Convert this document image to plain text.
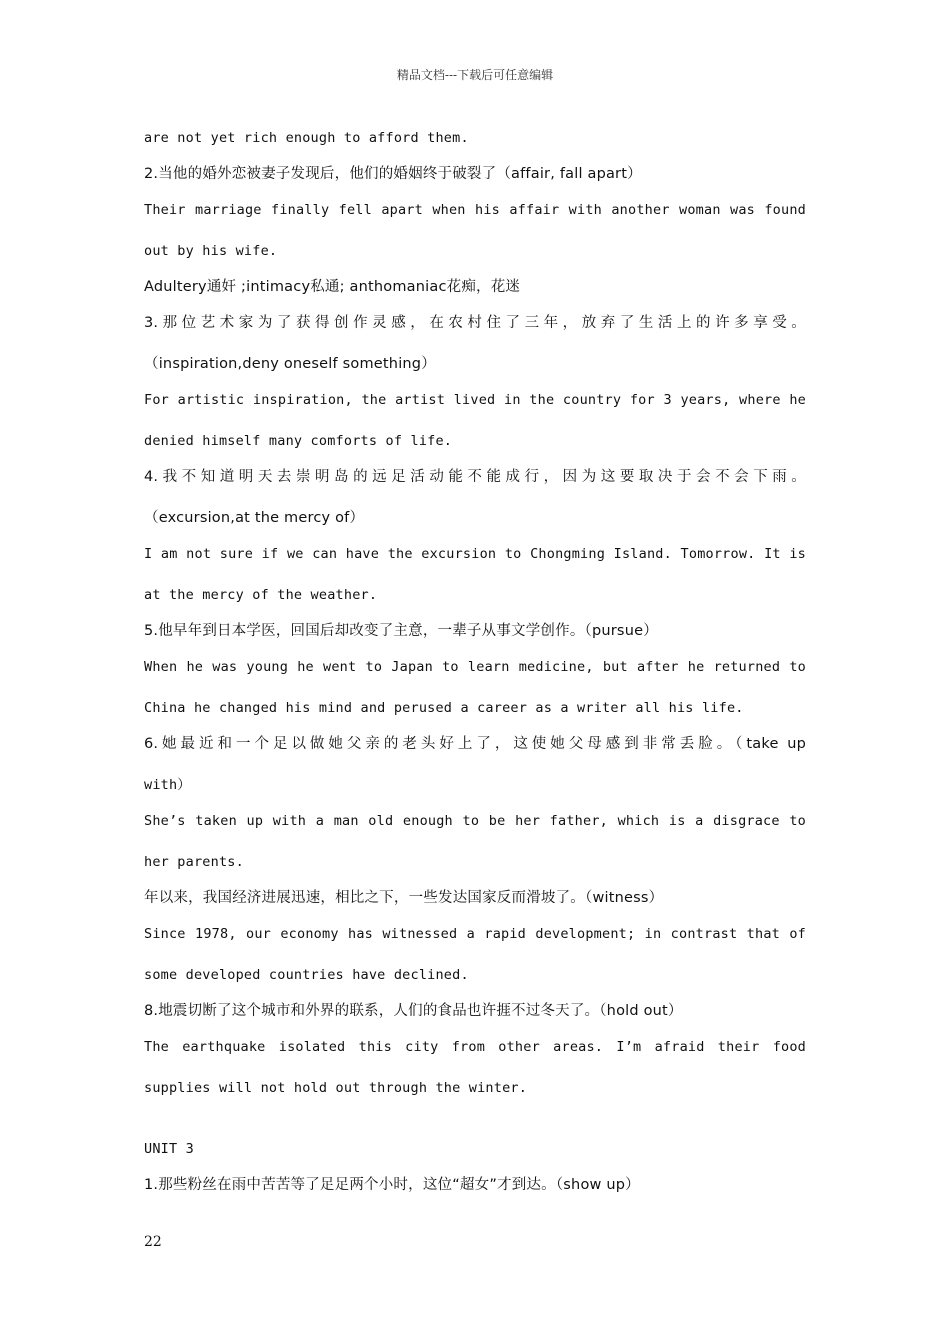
精品文档---下载后可任意编辑
are not yet rich enough to afford them.
2.当他的婚外恋被妻子发现后，他们的婚姻终于破裂了（affair, fall apart）
Their marriage finally fell apart when his affair with another woman was found
out by his wife.
Adultery通奸 ;intimacy私通; anthomaniac花痴，花迷
3.那位艺术家为了获得创作灵感，在农村住了三年，放弃了生活上的许多享受。
（inspiration,deny oneself something）
For artistic inspiration, the artist lived in the country for 3 years, where he
denied himself many comforts of life.
4.我不知道明天去崇明岛的远足活动能不能成行，因为这要取决于会不会下雨。
（excursion,at the mercy of）
I am not sure if we can have the excursion to Chongming Island. Tomorrow. It is
at the mercy of the weather.
5.他早年到日本学医，回国后却改变了主意，一辈子从事文学创作。（pursue）
When he was young he went to Japan to learn medicine, but after he returned to
China he changed his mind and perused a career as a writer all his life.
6.她最近和一个足以做她父亲的老头好上了，这使她父母感到非常丢脸。（take up
with）
She’s taken up with a man old enough to be her father, which is a disgrace to
her parents.
年以来，我国经济进展迅速，相比之下，一些发达国家反而滑坡了。（witness）
Since 1978, our economy has witnessed a rapid development; in contrast that of
some developed countries have declined.
8.地震切断了这个城市和外界的联系，人们的食品也许捱不过冬天了。（hold out）
The earthquake isolated this city from other areas. I’m afraid their food
supplies will not hold out through the winter.
UNIT 3
1.那些粉丝在雨中苦苦等了足足两个小时，这位“超女”才到达。（show up）
22
